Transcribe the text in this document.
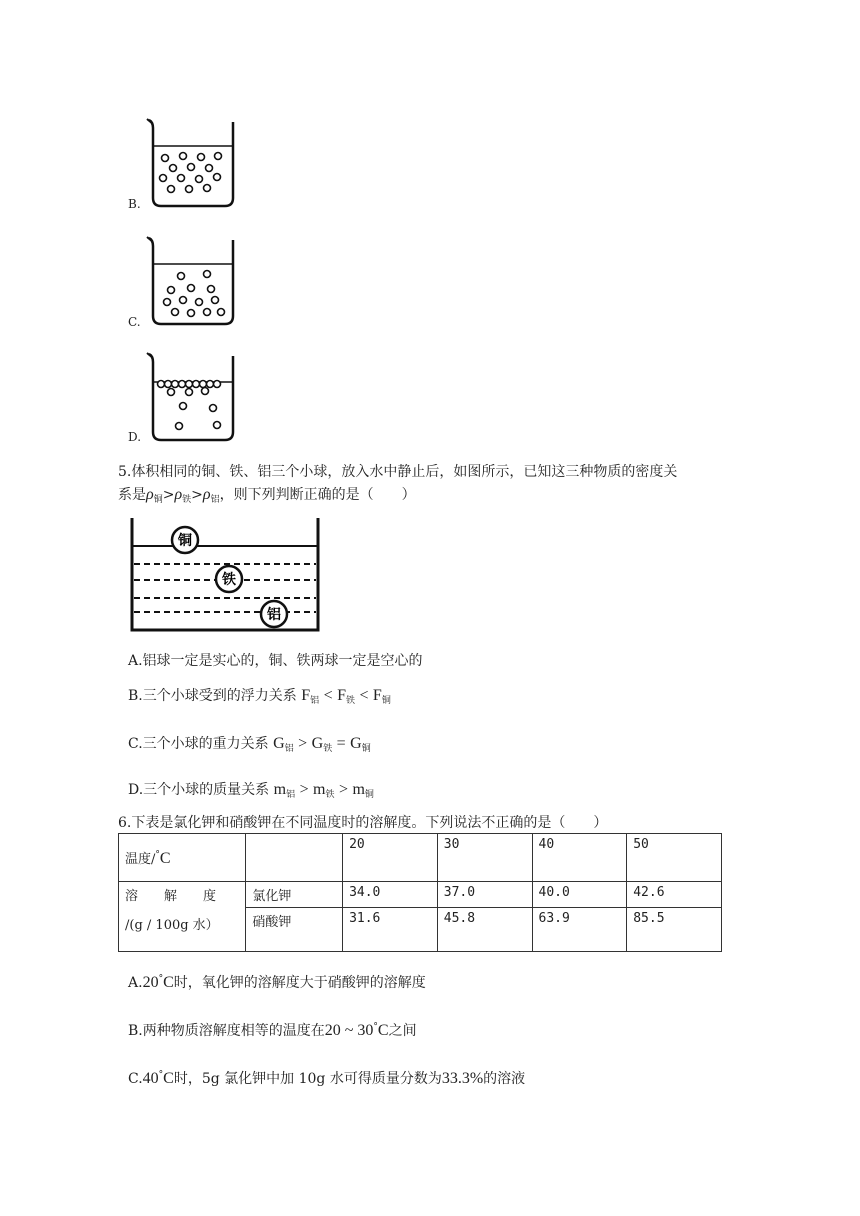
B.
C.
D.
5.体积相同的铜、铁、铝三个小球，放入水中静止后，如图所示，已知这三种物质的密度关
系是$\rho_铜>\rho_铁>\rho_铝$，则下列判断正确的是（　　）
铜
铁
铝
A.铝球一定是实心的，铜、铁两球一定是空心的
B.三个小球受到的浮力关系 $F_铝 < F_铁 < F_铜$
C.三个小球的重力关系 $G_铝 > G_铁 = G_铜$
D.三个小球的质量关系 $m_铝 > m_铁 > m_铜$
6.下表是氯化钾和硝酸钾在不同温度时的溶解度。下列说法不正确的是（　　）
温度/°C		20	30	40	50

溶　　解　　度
/(g / 100g 水）	氯化钾	34.0	37.0	40.0	42.6
	硝酸钾	31.6	45.8	63.9	85.5
A.20°C时，氧化钾的溶解度大于硝酸钾的溶解度
B.两种物质溶解度相等的温度在20 ~ 30°C之间
C.40°C时，5g 氯化钾中加 10g 水可得质量分数为33.3%的溶液
